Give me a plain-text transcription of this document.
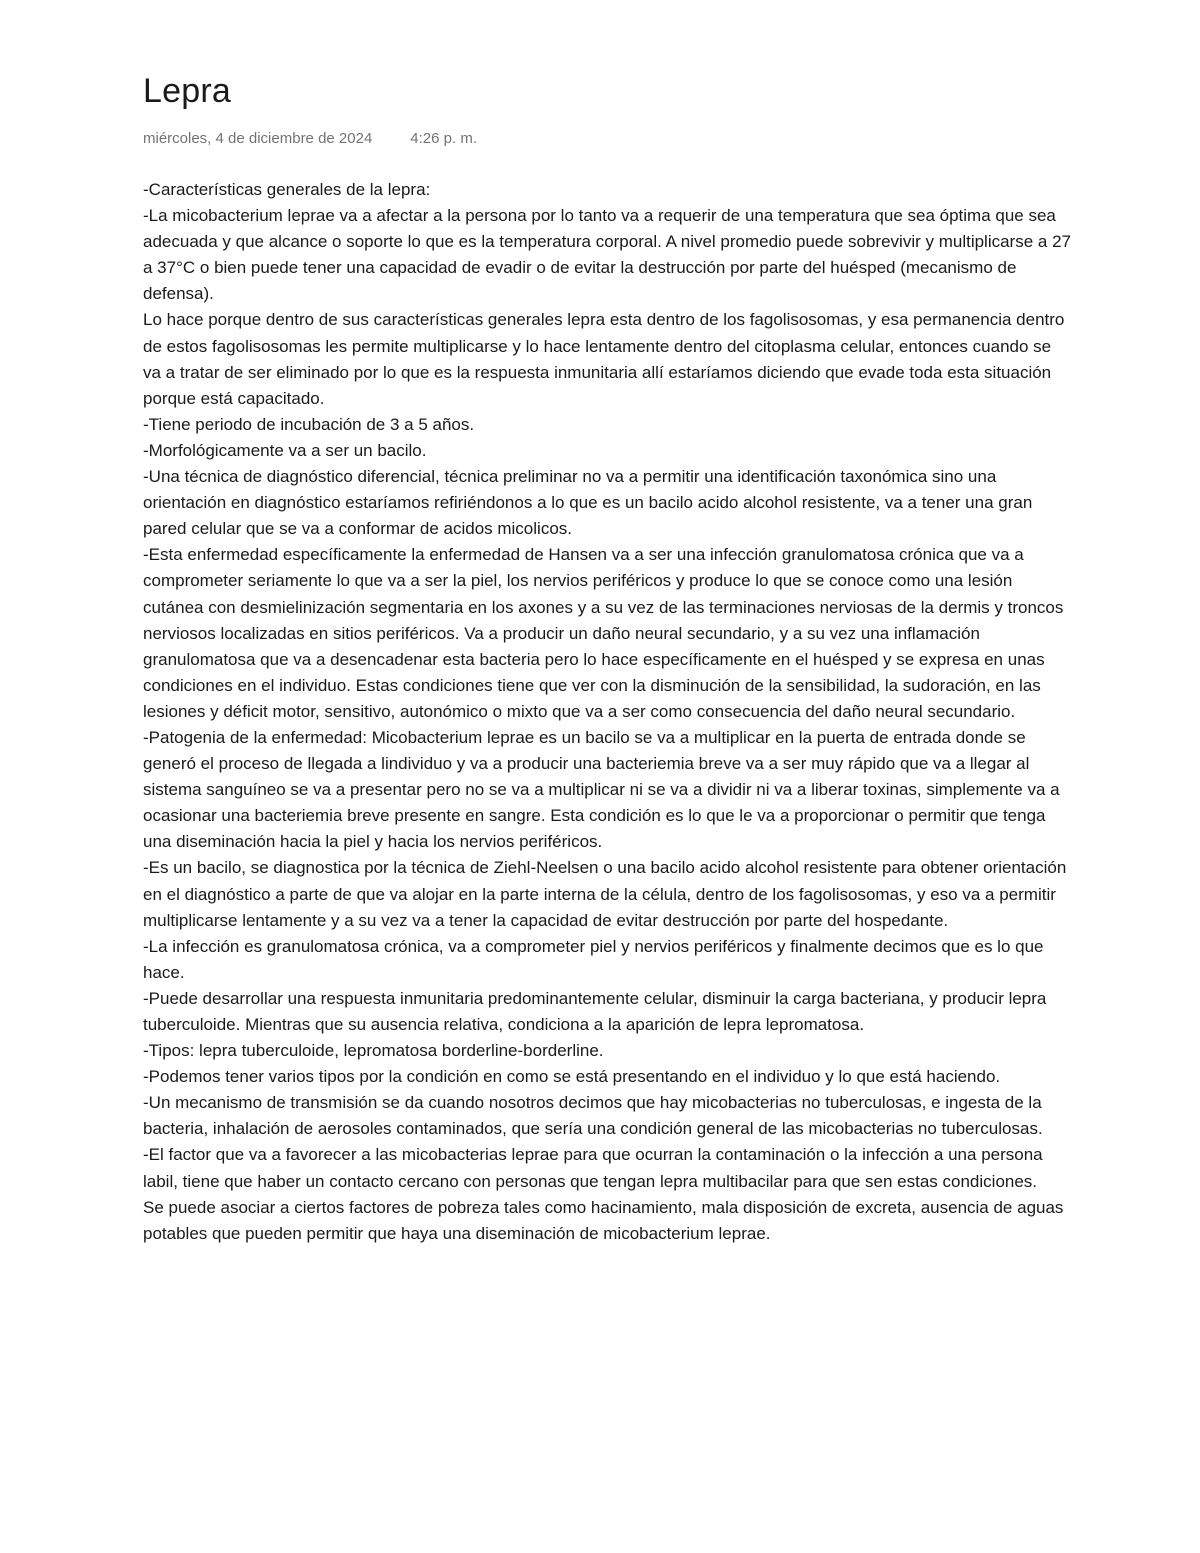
Lepra
miércoles, 4 de diciembre de 2024	4:26 p. m.

-Características generales de la lepra:

-La micobacterium leprae va a afectar a la persona por lo tanto va a requerir de una temperatura que sea óptima que sea adecuada y que alcance o soporte lo que es la temperatura corporal. A nivel promedio puede sobrevivir y multiplicarse a 27 a 37°C o bien puede tener una capacidad de evadir o de evitar la destrucción por parte del huésped (mecanismo de defensa).

Lo hace porque dentro de sus características generales lepra esta dentro de los fagolisosomas, y esa permanencia dentro de estos fagolisosomas les permite multiplicarse y lo hace lentamente dentro del citoplasma celular, entonces cuando se va a tratar de ser eliminado por lo que es la respuesta inmunitaria allí estaríamos diciendo que evade toda esta situación porque está capacitado.

-Tiene periodo de incubación de 3 a 5 años.

-Morfológicamente va a ser un bacilo.

-Una técnica de diagnóstico diferencial, técnica preliminar no va a permitir una identificación taxonómica sino una orientación en diagnóstico estaríamos refiriéndonos a lo que es un bacilo acido alcohol resistente, va a tener una gran pared celular que se va a conformar de acidos micolicos.

-Esta enfermedad específicamente la enfermedad de Hansen va a ser una infección granulomatosa crónica que va a comprometer seriamente lo que va a ser la piel, los nervios periféricos y produce lo que se conoce como una lesión cutánea con desmielinización segmentaria en los axones y a su vez de las terminaciones nerviosas de la dermis y troncos nerviosos localizadas en sitios periféricos. Va a producir un daño neural secundario, y a su vez una inflamación granulomatosa que va a desencadenar esta bacteria pero lo hace específicamente en el huésped y se expresa en unas condiciones en el individuo. Estas condiciones tiene que ver con la disminución de la sensibilidad, la sudoración, en las lesiones y déficit motor, sensitivo, autonómico o mixto que va a ser como consecuencia del daño neural secundario.

-Patogenia de la enfermedad: Micobacterium leprae es un bacilo se va a multiplicar en la puerta de entrada donde se generó el proceso de llegada a lindividuo y va a producir una bacteriemia breve va a ser muy rápido que va a llegar al sistema sanguíneo se va a presentar pero no se va a multiplicar ni se va a dividir ni va a liberar toxinas, simplemente va a ocasionar una bacteriemia breve presente en sangre. Esta condición es lo que le va a proporcionar o permitir que tenga una diseminación hacia la piel y hacia los nervios periféricos.

-Es un bacilo, se diagnostica por la técnica de Ziehl-Neelsen o una bacilo acido alcohol resistente para obtener orientación en el diagnóstico a parte de que va alojar en la parte interna de la célula, dentro de los fagolisosomas, y eso va a permitir multiplicarse lentamente y a su vez va a tener la capacidad de evitar destrucción por parte del hospedante.

-La infección es granulomatosa crónica, va a comprometer piel y nervios periféricos y finalmente decimos que es lo que hace.

-Puede desarrollar una respuesta inmunitaria predominantemente celular, disminuir la carga bacteriana, y producir lepra tuberculoide. Mientras que su ausencia relativa, condiciona a la aparición de lepra lepromatosa.

-Tipos: lepra tuberculoide, lepromatosa borderline-borderline.

-Podemos tener varios tipos por la condición en como se está presentando en el individuo y lo que está haciendo.

-Un mecanismo de transmisión se da cuando nosotros decimos que hay micobacterias no tuberculosas, e ingesta de la bacteria, inhalación de aerosoles contaminados, que sería una condición general de las micobacterias no tuberculosas.

-El factor que va a favorecer a las micobacterias leprae para que ocurran la contaminación o la infección a una persona labil, tiene que haber un contacto cercano con personas que tengan lepra multibacilar para que sen estas condiciones.

Se puede asociar a ciertos factores de pobreza tales como hacinamiento, mala disposición de excreta, ausencia de aguas potables que pueden permitir que haya una diseminación de micobacterium leprae.
